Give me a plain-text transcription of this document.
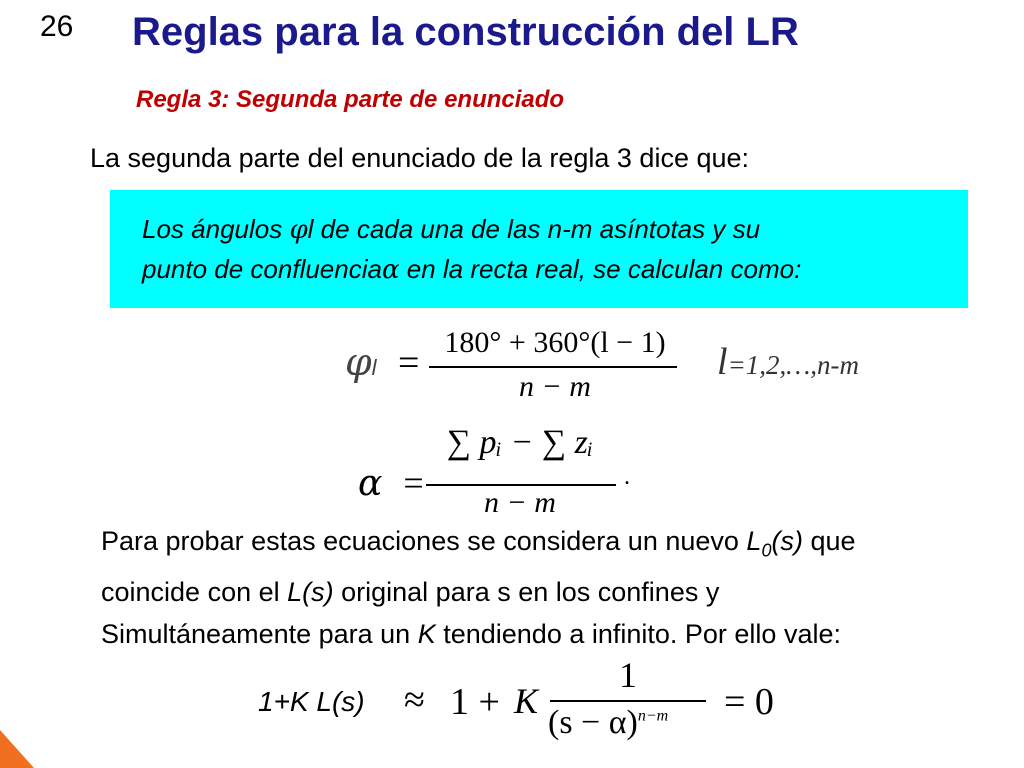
26 Reglas para la construcción del LR
Regla 3: Segunda parte de enunciado
La segunda parte del enunciado de la regla 3 dice que:
Los ángulos φl de cada una de las n-m asíntotas y su
punto de confluenciaα en la recta real, se calculan como:
φl = 180° + 360°(l − 1)
n − m
l=1,2,…,n-m
α =
∑ pᵢ − ∑ zᵢ
n − m
.
Para probar estas ecuaciones se considera un nuevo $L_0(s)$ que
coincide con el L(s) original para s en los confines y
Simultáneamente para un K tendiendo a infinito. Por ello vale:
1+K L(s) ≈ 1 + K
1
$(s - \alpha)^{n-m} = 0$
